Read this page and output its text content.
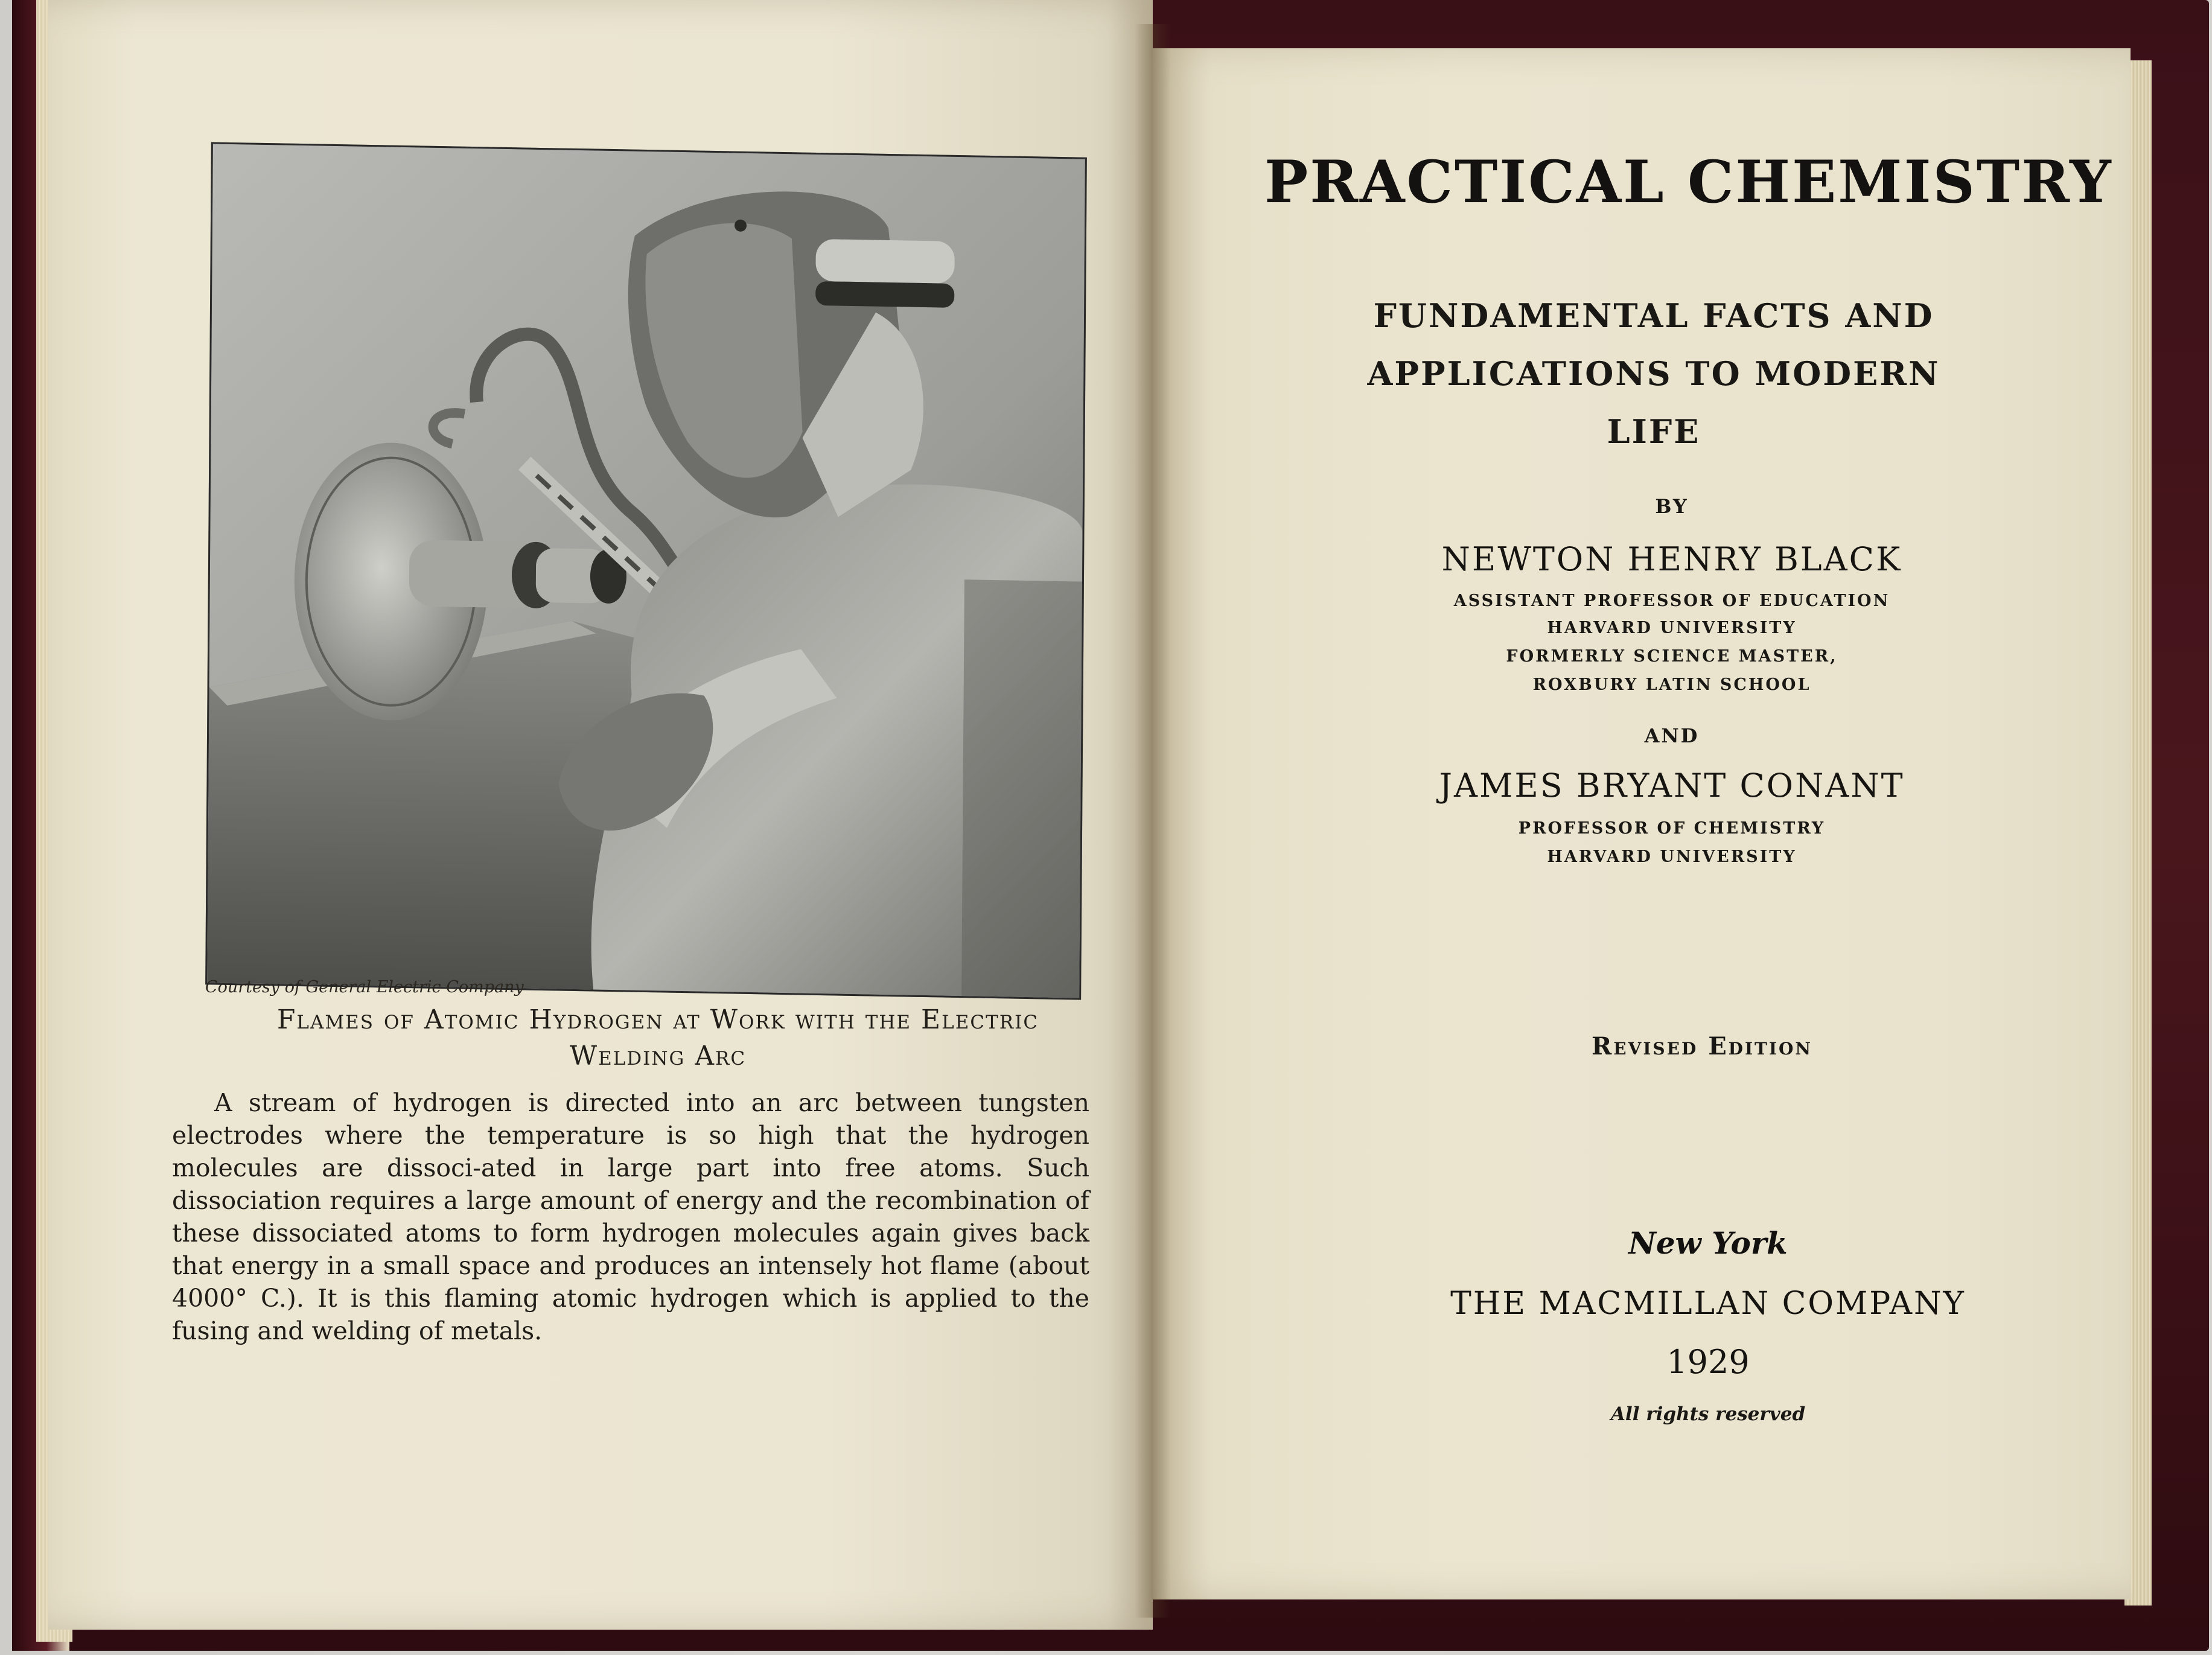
Courtesy of General Electric Company
Flames of Atomic Hydrogen at Work with the Electric Welding Arc
A stream of hydrogen is directed into an arc between tungsten electrodes where the temperature is so high that the hydrogen molecules are dissoci-ated in large part into free atoms. Such dissociation requires a large amount of energy and the recombination of these dissociated atoms to form hydrogen molecules again gives back that energy in a small space and produces an intensely hot flame (about 4000° C.). It is this flaming atomic hydrogen which is applied to the fusing and welding of metals.
PRACTICAL CHEMISTRY
FUNDAMENTAL FACTS AND APPLICATIONS TO MODERN LIFE
BY
NEWTON HENRY BLACK
ASSISTANT PROFESSOR OF EDUCATION
HARVARD UNIVERSITY
FORMERLY SCIENCE MASTER,
ROXBURY LATIN SCHOOL
AND
JAMES BRYANT CONANT
PROFESSOR OF CHEMISTRY
HARVARD UNIVERSITY
Revised Edition
New York
THE MACMILLAN COMPANY
1929
All rights reserved
